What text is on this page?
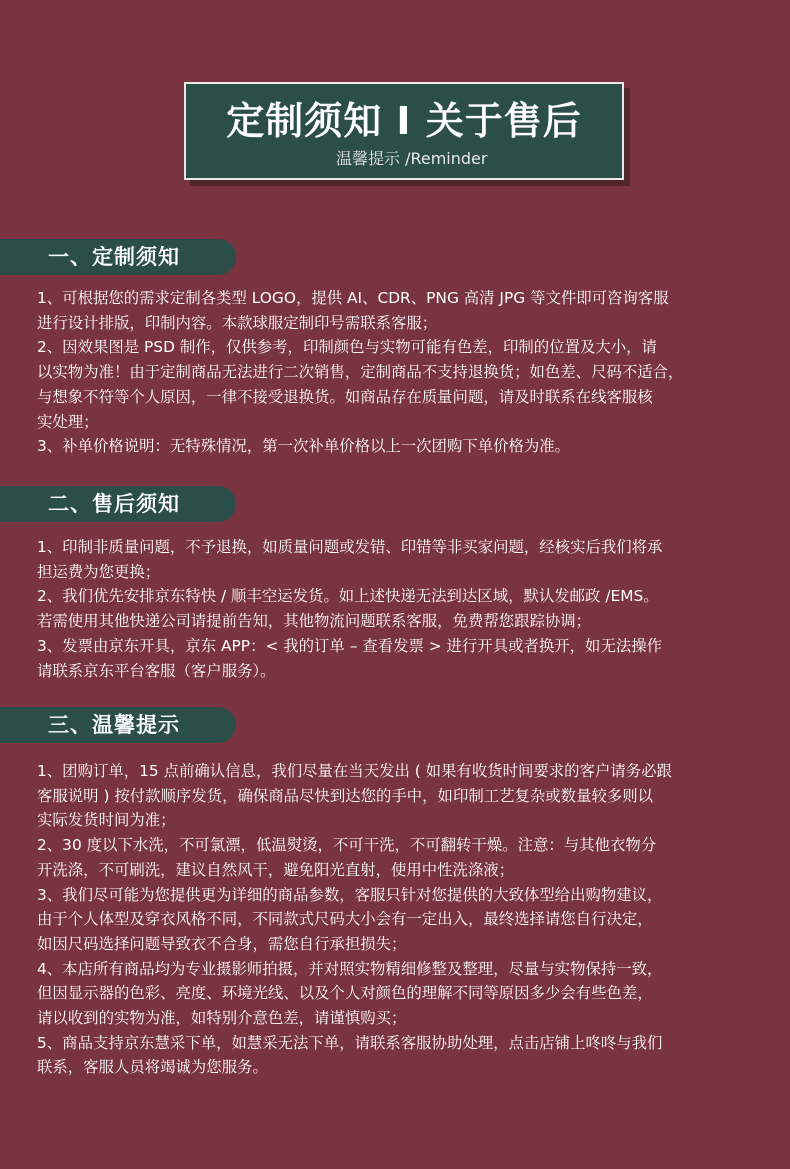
定制须知 I 关于售后
温馨提示 /Reminder
一、定制须知

1、可根据您的需求定制各类型 LOGO，提供 AI、CDR、PNG 高清 JPG 等文件即可咨询客服

进行设计排版，印制内容。本款球服定制印号需联系客服；

2、因效果图是 PSD 制作，仅供参考，印制颜色与实物可能有色差，印制的位置及大小，请

以实物为准！由于定制商品无法进行二次销售，定制商品不支持退换货；如色差、尺码不适合，

与想象不符等个人原因，一律不接受退换货。如商品存在质量问题，请及时联系在线客服核

实处理；

3、补单价格说明：无特殊情况，第一次补单价格以上一次团购下单价格为准。

二、售后须知

1、印制非质量问题，不予退换，如质量问题或发错、印错等非买家问题，经核实后我们将承

担运费为您更换；

2、我们优先安排京东特快 / 顺丰空运发货。如上述快递无法到达区域，默认发邮政 /EMS。

若需使用其他快递公司请提前告知，其他物流问题联系客服，免费帮您跟踪协调；

3、发票由京东开具，京东 APP：< 我的订单 – 查看发票 > 进行开具或者换开，如无法操作

请联系京东平台客服（客户服务）。

三、温馨提示

1、团购订单，15 点前确认信息，我们尽量在当天发出 ( 如果有收货时间要求的客户请务必跟

客服说明 ) 按付款顺序发货，确保商品尽快到达您的手中，如印制工艺复杂或数量较多则以

实际发货时间为准；

2、30 度以下水洗，不可氯漂，低温熨烫，不可干洗，不可翻转干燥。注意：与其他衣物分

开洗涤，不可刷洗，建议自然风干，避免阳光直射，使用中性洗涤液；

3、我们尽可能为您提供更为详细的商品参数，客服只针对您提供的大致体型给出购物建议，

由于个人体型及穿衣风格不同，不同款式尺码大小会有一定出入，最终选择请您自行决定，

如因尺码选择问题导致衣不合身，需您自行承担损失；

4、本店所有商品均为专业摄影师拍摄，并对照实物精细修整及整理，尽量与实物保持一致，

但因显示器的色彩、亮度、环境光线、以及个人对颜色的理解不同等原因多少会有些色差，

请以收到的实物为准，如特别介意色差，请谨慎购买；

5、商品支持京东慧采下单，如慧采无法下单，请联系客服协助处理，点击店铺上咚咚与我们

联系，客服人员将竭诚为您服务。
